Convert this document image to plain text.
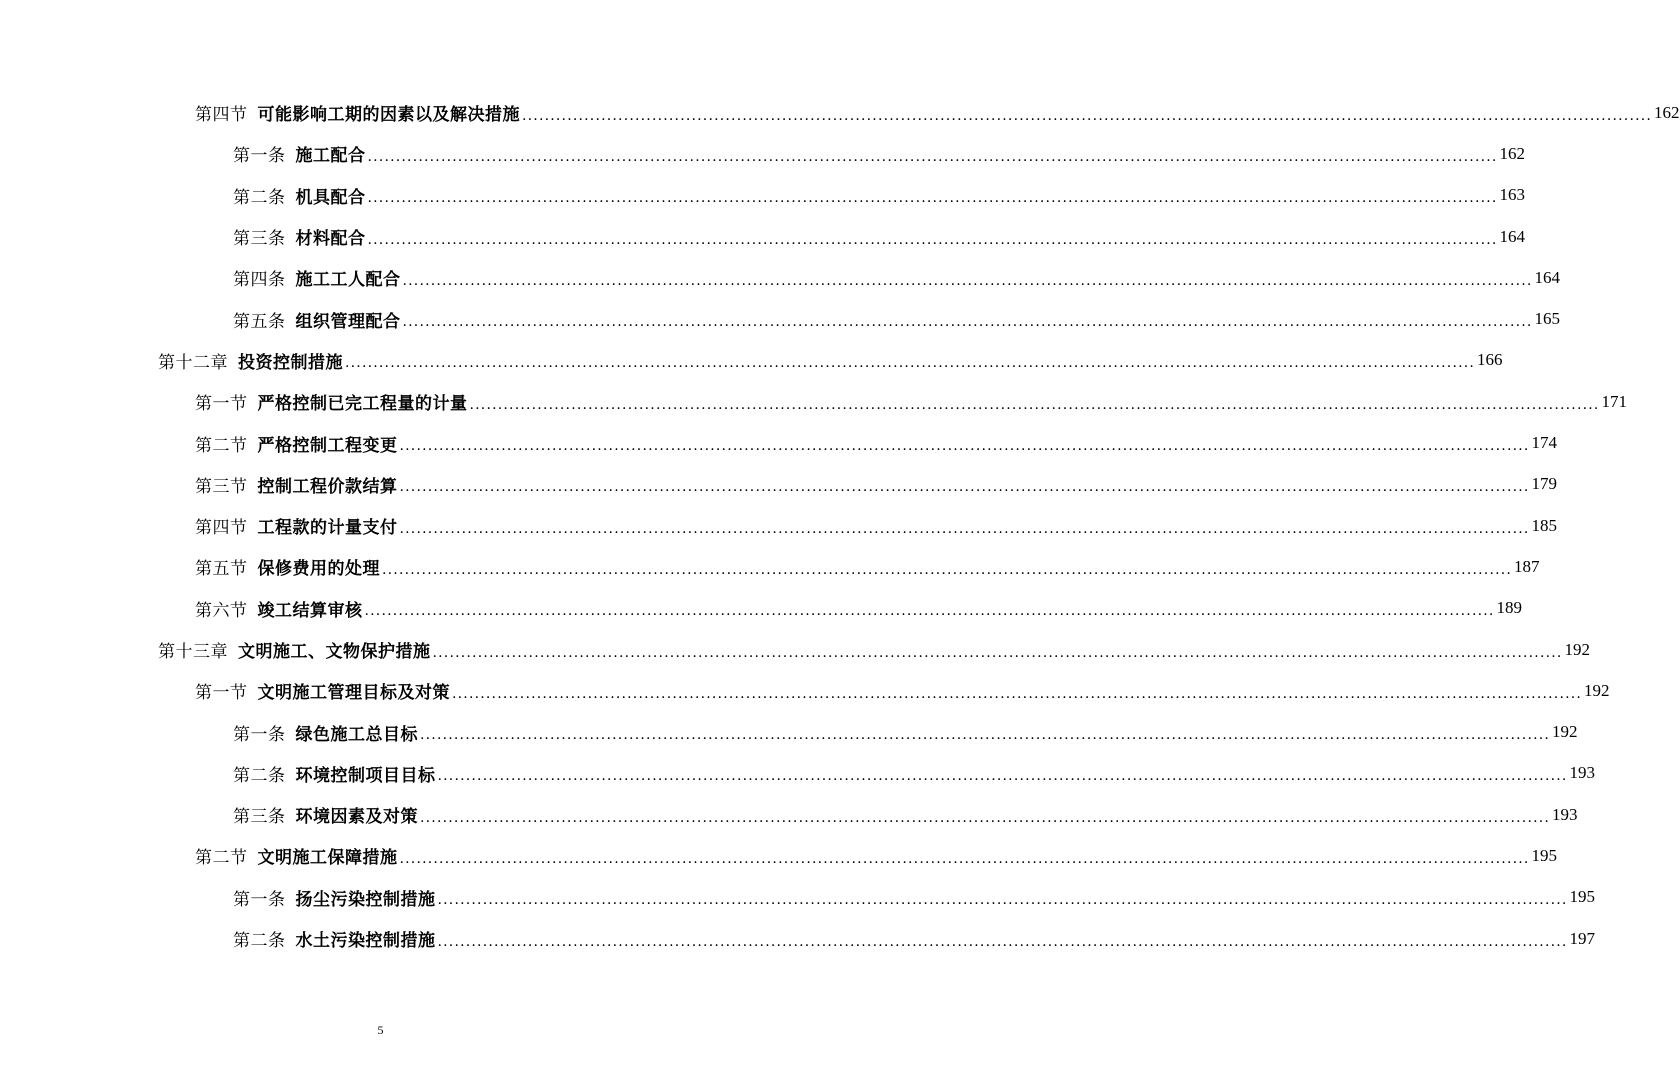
第四节 可能影响工期的因素以及解决措施 ........................................................................................................................................................................................................ 162
第一条 施工配合 ........................................................................................................................................................................................................ 162
第二条 机具配合 ........................................................................................................................................................................................................ 163
第三条 材料配合 ........................................................................................................................................................................................................ 164
第四条 施工工人配合 ........................................................................................................................................................................................................ 164
第五条 组织管理配合 ........................................................................................................................................................................................................ 165
第十二章 投资控制措施 ........................................................................................................................................................................................................ 166
第一节 严格控制已完工程量的计量 ........................................................................................................................................................................................................ 171
第二节 严格控制工程变更 ........................................................................................................................................................................................................ 174
第三节 控制工程价款结算 ........................................................................................................................................................................................................ 179
第四节 工程款的计量支付 ........................................................................................................................................................................................................ 185
第五节 保修费用的处理 ........................................................................................................................................................................................................ 187
第六节 竣工结算审核 ........................................................................................................................................................................................................ 189
第十三章 文明施工、文物保护措施 ........................................................................................................................................................................................................ 192
第一节 文明施工管理目标及对策 ........................................................................................................................................................................................................ 192
第一条 绿色施工总目标 ........................................................................................................................................................................................................ 192
第二条 环境控制项目目标 ........................................................................................................................................................................................................ 193
第三条 环境因素及对策 ........................................................................................................................................................................................................ 193
第二节 文明施工保障措施 ........................................................................................................................................................................................................ 195
第一条 扬尘污染控制措施 ........................................................................................................................................................................................................ 195
第二条 水土污染控制措施 ........................................................................................................................................................................................................ 197
5
